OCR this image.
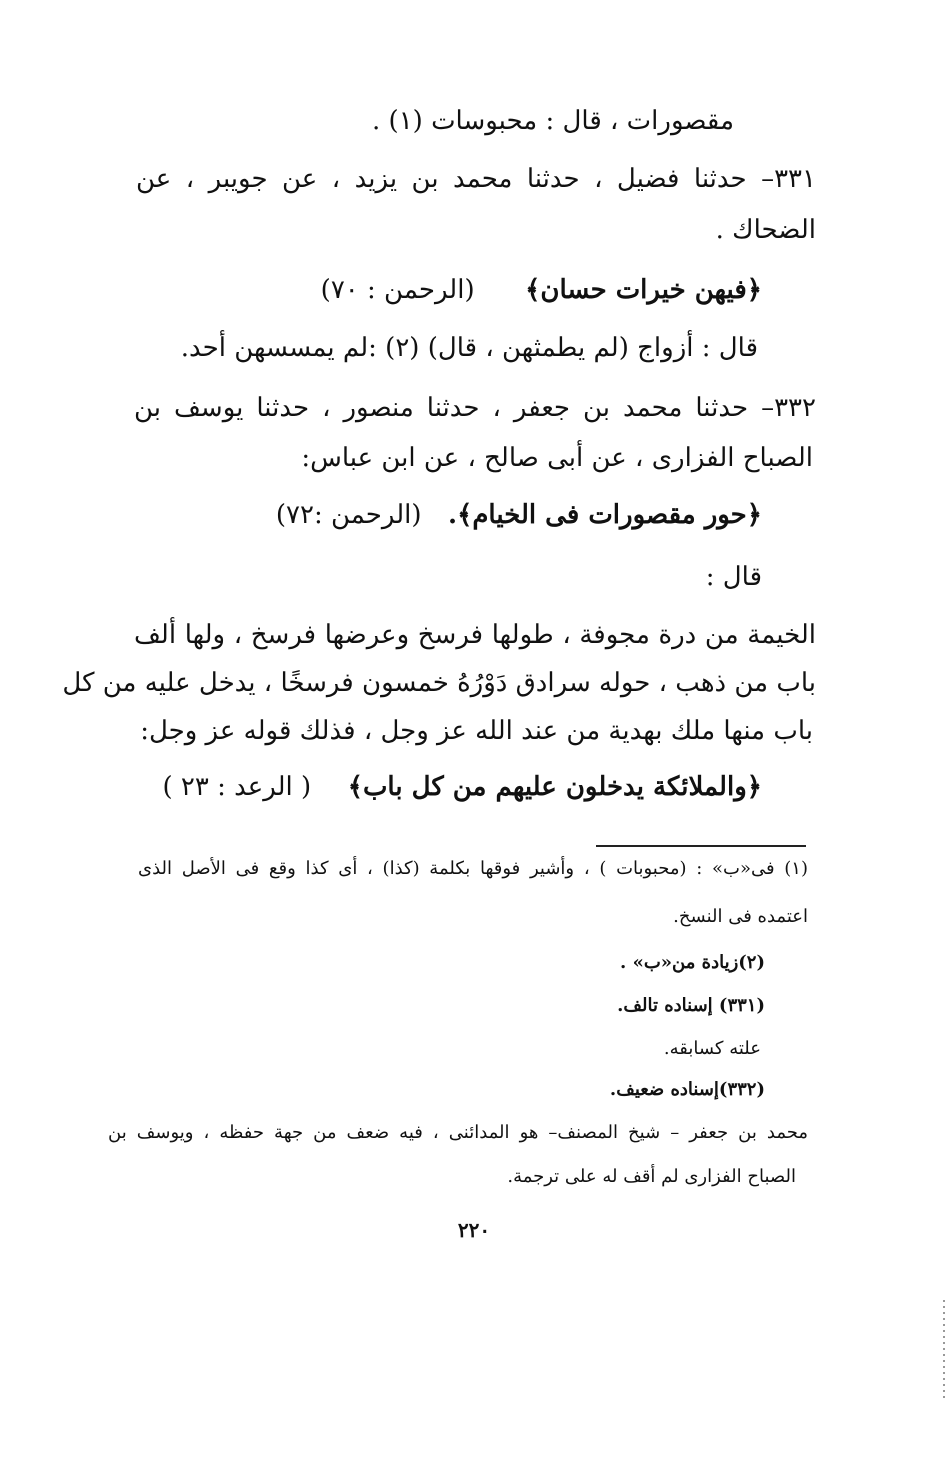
مقصورات ، قال : محبوسات (١) .
٣٣١– حدثنا فضيل ، حدثنا محمد بن يزيد ، عن جويبر ، عن
الضحاك .
﴿فيهن خيرات حسان﴾  (الرحمن : ٧٠)
قال : أزواج (لم يطمثهن ، قال) (٢) :لم يمسسهن أحد.
٣٣٢– حدثنا محمد بن جعفر ، حدثنا منصور ، حدثنا يوسف بن
الصباح الفزارى ، عن أبى صالح ، عن ابن عباس:
﴿حور مقصورات فى الخيام﴾.  (الرحمن :٧٢)
قال :
الخيمة من درة مجوفة ، طولها فرسخ وعرضها فرسخ ، ولها ألف
باب من ذهب ، حوله سرادق دَوْرُهُ خمسون فرسخًا ، يدخل عليه من كل
باب منها ملك بهدية من عند الله عز وجل ، فذلك قوله عز وجل:
﴿والملائكة يدخلون عليهم من كل باب﴾  ( الرعد : ٢٣ )
(١) فى«ب» : (محبوبات ) ، وأشير فوقها بكلمة (كذا) ، أى كذا وقع فى الأصل الذى
اعتمده فى النسخ.
(٢)زيادة من«ب» .
(٣٣١) إسناده تالف.
علته كسابقه.
(٣٣٢)إسناده ضعيف.
محمد بن جعفر – شيخ المصنف– هو المدائنى ، فيه ضعف من جهة حفظه ، ويوسف بن
الصباح الفزارى لم أقف له على ترجمة.
٢٢٠
